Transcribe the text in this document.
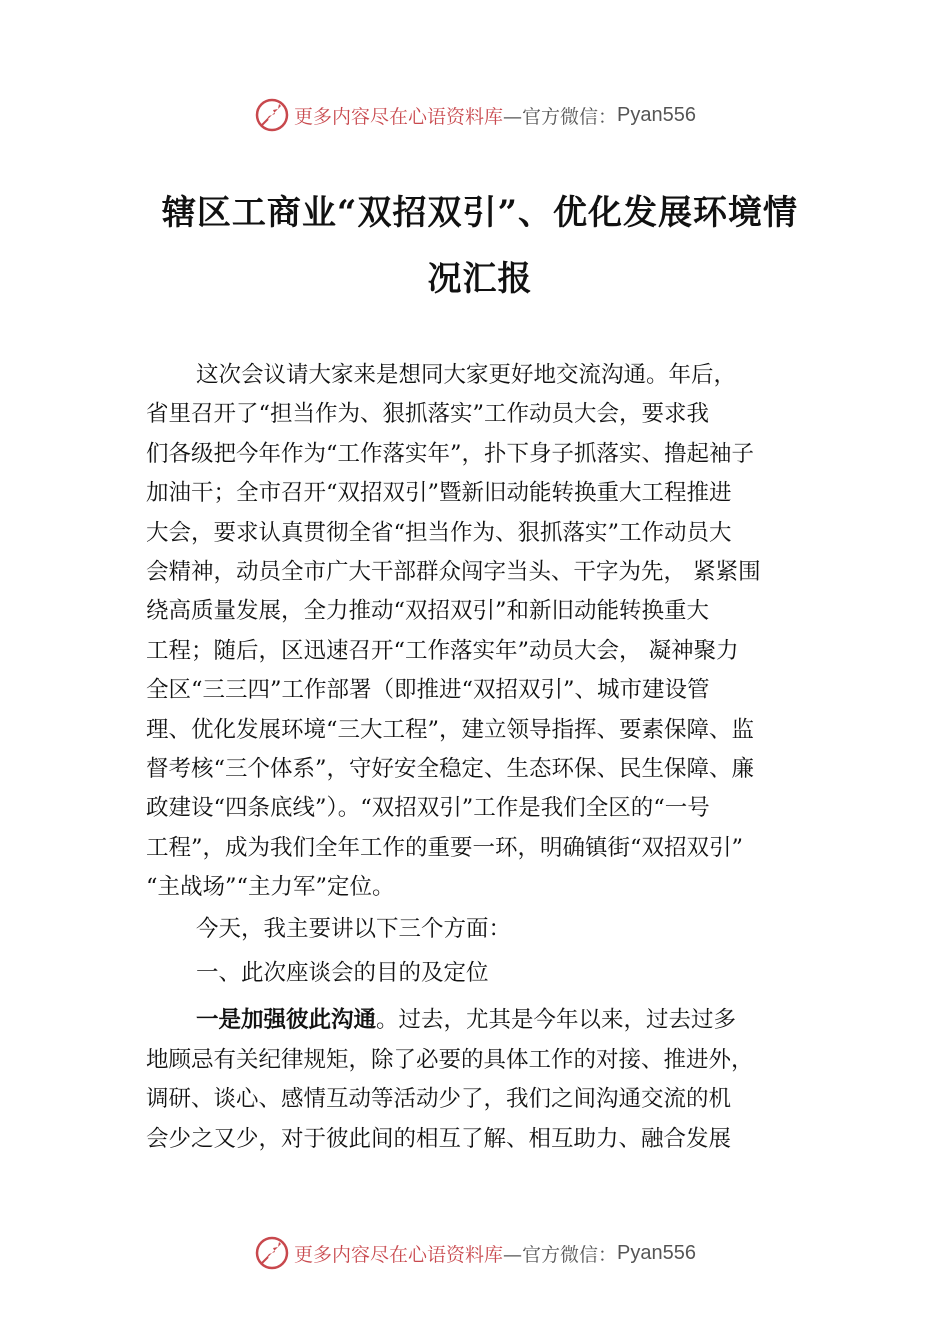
更多内容尽在心语资料库 —官方微信： Pyan556
辖区工商业“双招双引”、优化发展环境情
况汇报
这次会议请大家来是想同大家更好地交流沟通。年后，
省里召开了“担当作为、狠抓落实”工作动员大会，要求我
们各级把今年作为“工作落实年”，扑下身子抓落实、撸起袖子
加油干；全市召开“双招双引”暨新旧动能转换重大工程推进
大会，要求认真贯彻全省“担当作为、狠抓落实”工作动员大
会精神，动员全市广大干部群众闯字当头、干字为先， 紧紧围
绕高质量发展，全力推动“双招双引”和新旧动能转换重大
工程；随后，区迅速召开“工作落实年”动员大会， 凝神聚力
全区“三三四”工作部署（即推进“双招双引”、城市建设管
理、优化发展环境“三大工程”，建立领导指挥、要素保障、监
督考核“三个体系”，守好安全稳定、生态环保、民生保障、廉
政建设“四条底线”）。“双招双引”工作是我们全区的“一号
工程”，成为我们全年工作的重要一环，明确镇街“双招双引”
“主战场”“主力军”定位。
今天，我主要讲以下三个方面：
一、此次座谈会的目的及定位
一是加强彼此沟通。过去，尤其是今年以来，过去过多
地顾忌有关纪律规矩，除了必要的具体工作的对接、推进外，
调研、谈心、感情互动等活动少了，我们之间沟通交流的机
会少之又少，对于彼此间的相互了解、相互助力、融合发展
更多内容尽在心语资料库 —官方微信： Pyan556
